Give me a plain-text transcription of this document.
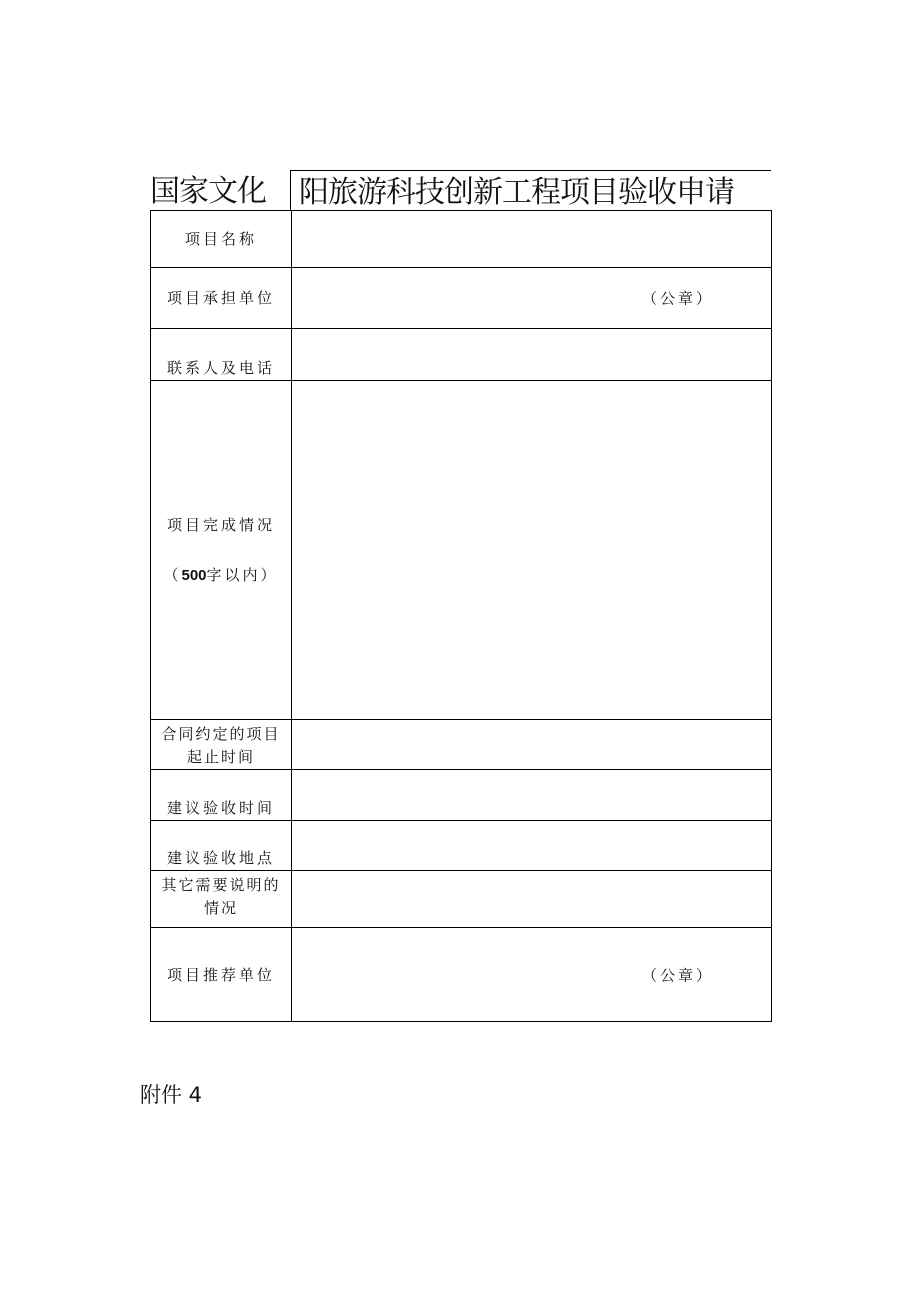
国家文化	阳旅游科技创新工程项目验收申请
项目名称	
项目承担单位	（公章）

联系人及电话	
项目完成情况
（500字以内）	

合同约定的项目
起止时间	

建议验收时间	
建议验收地点	

其它需要说明的
情况	

项目推荐单位	（公章）
附件 4
